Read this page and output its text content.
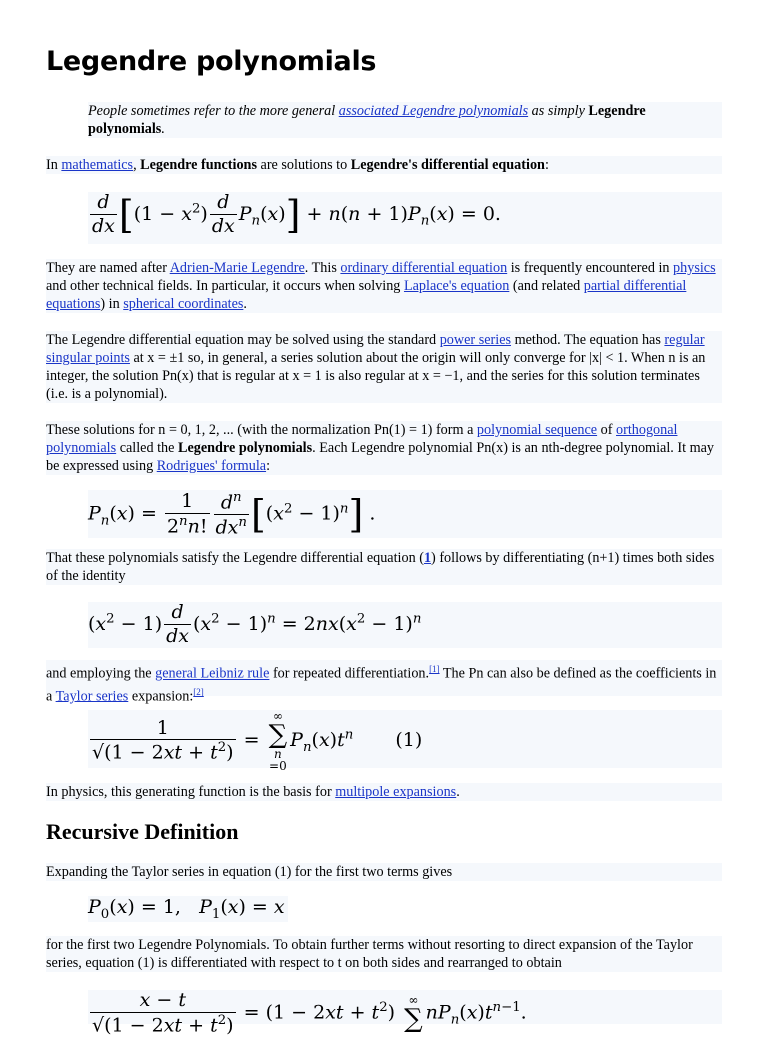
Legendre polynomials
People sometimes refer to the more general associated Legendre polynomials as simply Legendre polynomials.
In mathematics, Legendre functions are solutions to Legendre's differential equation:
$\frac{d}{dx} [(1 - x^2) \frac{d}{dx} P_n(x)] + n(n + 1)P_n(x) = 0$.
They are named after Adrien-Marie Legendre. This ordinary differential equation is frequently encountered in physics and other technical fields. In particular, it occurs when solving Laplace's equation (and related partial differential equations) in spherical coordinates.
The Legendre differential equation may be solved using the standard power series method. The equation has regular singular points at x = ±1 so, in general, a series solution about the origin will only converge for |x| < 1. When n is an integer, the solution Pn(x) that is regular at x = 1 is also regular at x = −1, and the series for this solution terminates (i.e. is a polynomial).
These solutions for n = 0, 1, 2, ... (with the normalization Pn(1) = 1) form a polynomial sequence of orthogonal polynomials called the Legendre polynomials. Each Legendre polynomial Pn(x) is an nth-degree polynomial. It may be expressed using Rodrigues' formula:
$P_n(x) = \frac{1}{2^nn!} \frac{d^n}{dx^n} [(x^2 - 1)^n]$ .
That these polynomials satisfy the Legendre differential equation (1) follows by differentiating (n+1) times both sides of the identity
$(x^2 - 1) \frac{d}{dx} (x^2 - 1)^n = 2nx(x^2 - 1)^n$
and employing the general Leibniz rule for repeated differentiation.[1] The Pn can also be defined as the coefficients in a Taylor series expansion:[2]
$\frac{1}{√(1 - 2xt + t^2)}$ =
∞
∑
n
$=0P_n(x)t^n$ (1)
In physics, this generating function is the basis for multipole expansions.
Recursive Definition
Expanding the Taylor series in equation (1) for the first two terms gives
$P_0(x) = 1$,   $P_1(x) = x$
for the first two Legendre Polynomials. To obtain further terms without resorting to direct expansion of the Taylor series, equation (1) is differentiated with respect to t on both sides and rearranged to obtain
$\frac{x - t}{√(1 - 2xt + t^2)} = (1 - 2xt + t^2)$
∞
∑ $nP_n(x)t^{n-1}$.
